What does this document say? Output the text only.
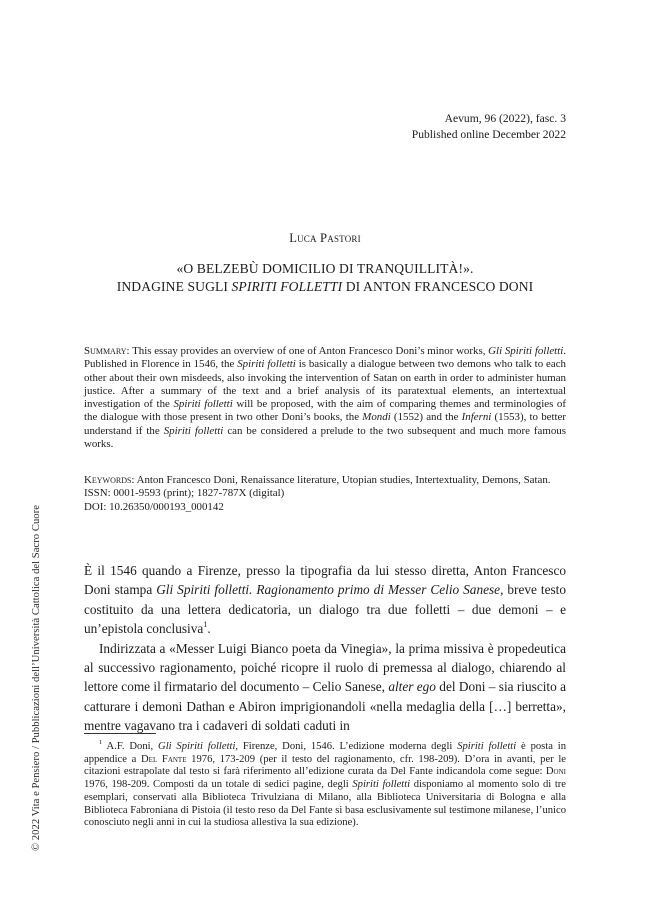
Aevum, 96 (2022), fasc. 3
Published online December 2022
Luca Pastori
«O BELZEBÙ DOMICILIO DI TRANQUILLITÀ!».
INDAGINE SUGLI SPIRITI FOLLETTI DI ANTON FRANCESCO DONI

Summary: This essay provides an overview of one of Anton Francesco Doni’s minor works, Gli Spiriti folletti. Published in Florence in 1546, the Spiriti folletti is basically a dialogue between two demons who talk to each other about their own misdeeds, also invoking the intervention of Satan on earth in order to administer human justice. After a summary of the text and a brief analysis of its paratextual elements, an intertextual investigation of the Spiriti folletti will be proposed, with the aim of comparing themes and terminologies of the dialogue with those present in two other Doni’s books, the Mondi (1552) and the Inferni (1553), to better understand if the Spiriti folletti can be considered a prelude to the two subsequent and much more famous works.

Keywords: Anton Francesco Doni, Renaissance literature, Utopian studies, Intertextuality, Demons, Satan.

ISSN: 0001-9593 (print); 1827-787X (digital)

DOI: 10.26350/000193_000142

È il 1546 quando a Firenze, presso la tipografia da lui stesso diretta, Anton Francesco Doni stampa Gli Spiriti folletti. Ragionamento primo di Messer Celio Sanese, breve testo costituito da una lettera dedicatoria, un dialogo tra due folletti – due demoni – e un’epistola conclusiva$^1$.

Indirizzata a «Messer Luigi Bianco poeta da Vinegia», la prima missiva è propedeutica al successivo ragionamento, poiché ricopre il ruolo di premessa al dialogo, chiarendo al lettore come il firmatario del documento – Celio Sanese, alter ego del Doni – sia riuscito a catturare i demoni Dathan e Abiron imprigionandoli «nella medaglia della […] berretta», mentre vagavano tra i cadaveri di soldati caduti in

$^1$ A.F. Doni, Gli Spiriti folletti, Firenze, Doni, 1546. L’edizione moderna degli Spiriti folletti è posta in appendice a Del Fante 1976, 173-209 (per il testo del ragionamento, cfr. 198-209). D’ora in avanti, per le citazioni estrapolate dal testo si farà riferimento all’edizione curata da Del Fante indicandola come segue: Doni 1976, 198-209. Composti da un totale di sedici pagine, degli Spiriti folletti disponiamo al momento solo di tre esemplari, conservati alla Biblioteca Trivulziana di Milano, alla Biblioteca Universitaria di Bologna e alla Biblioteca Fabroniana di Pistoia (il testo reso da Del Fante si basa esclusivamente sul testimone milanese, l’unico conosciuto negli anni in cui la studiosa allestiva la sua edizione).

© 2022 Vita e Pensiero / Pubblicazioni dell’Università Cattolica del Sacro Cuore
